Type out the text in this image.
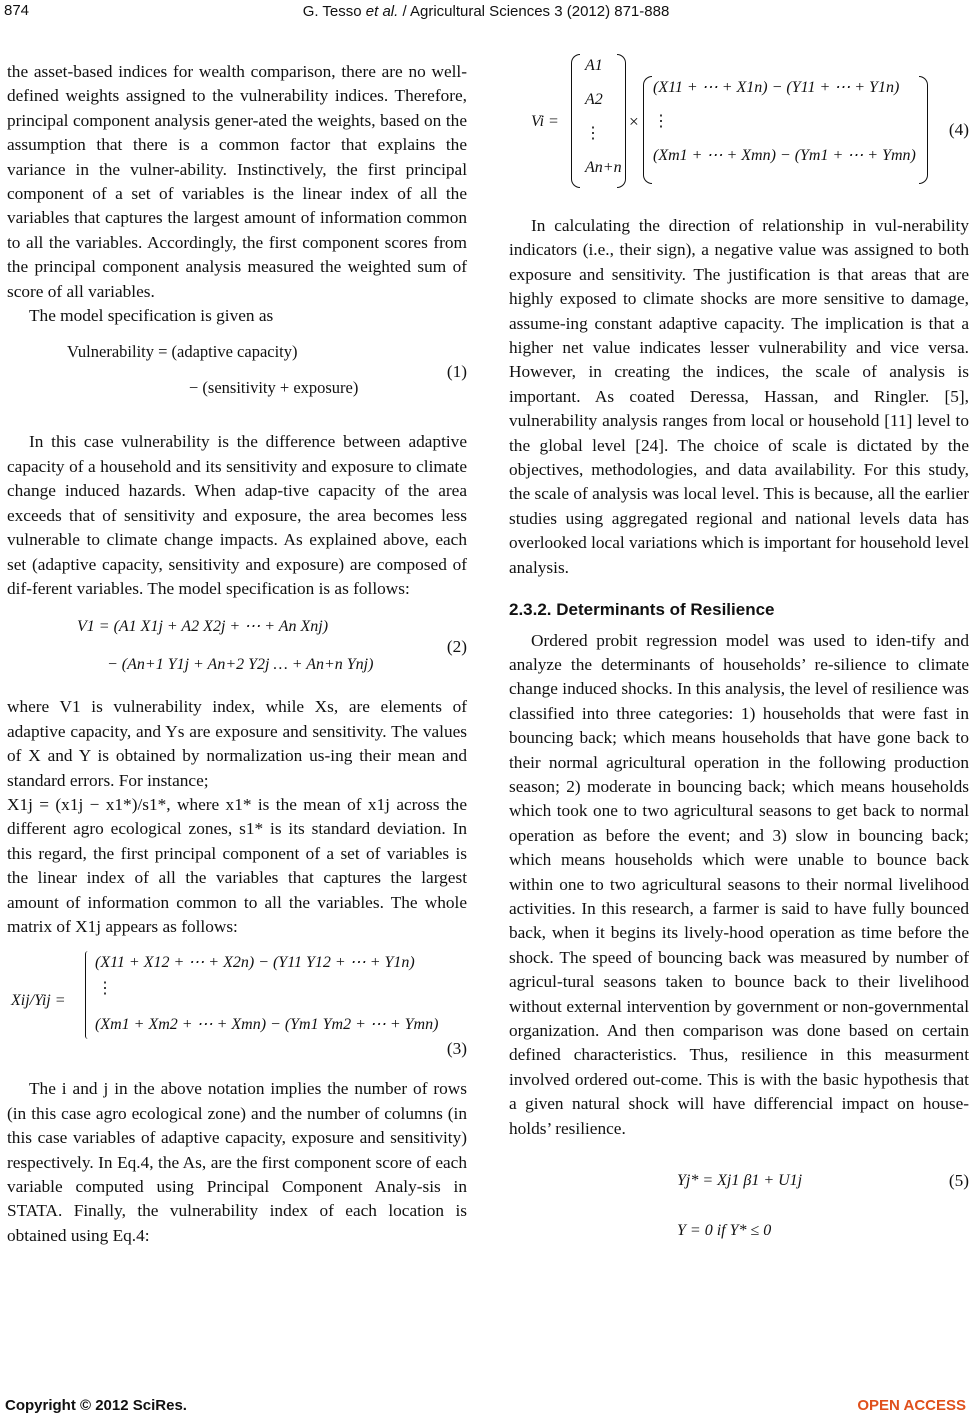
874	G. Tesso et al. / Agricultural Sciences 3 (2012) 871-888

the asset-based indices for wealth comparison, there are no well-defined weights assigned to the vulnerability indices. Therefore, principal component analysis gener-ated the weights, based on the assumption that there is a common factor that explains the variance in the vulner-ability. Instinctively, the first principal component of a set of variables is the linear index of all the variables that captures the largest amount of information common to all the variables. Accordingly, the first component scores from the principal component analysis measured the weighted sum of score of all variables.

The model specification is given as

Vulnerability = (adaptive capacity)
− (sensitivity + exposure)
(1)

In this case vulnerability is the difference between adaptive capacity of a household and its sensitivity and exposure to climate change induced hazards. When adap-tive capacity of the area exceeds that of sensitivity and exposure, the area becomes less vulnerable to climate change impacts. As explained above, each set (adaptive capacity, sensitivity and exposure) are composed of dif-ferent variables. The model specification is as follows:

V1 = (A1 X1j + A2 X2j + ⋯ + An Xnj)
− (An+1 Y1j + An+2 Y2j … + An+n Ynj)
(2)

where V1 is vulnerability index, while Xs, are elements of adaptive capacity, and Ys are exposure and sensitivity. The values of X and Y is obtained by normalization us-ing their mean and standard errors. For instance;

X1j = (x1j − x1*)/s1*, where x1* is the mean of x1j across the different agro ecological zones, s1* is its standard deviation. In this regard, the first principal component of a set of variables is the linear index of all the variables that captures the largest amount of information common to all the variables. The whole matrix of X1j appears as follows:

Xij/Yij =
(X11 + X12 + ⋯ + X2n) − (Y11 Y12 + ⋯ + Y1n)
⋮
(Xm1 + Xm2 + ⋯ + Xmn) − (Ym1 Ym2 + ⋯ + Ymn)
(3)

The i and j in the above notation implies the number of rows (in this case agro ecological zone) and the number of columns (in this case variables of adaptive capacity, exposure and sensitivity) respectively. In Eq.4, the As, are the first component score of each variable computed using Principal Component Analy-sis in STATA. Finally, the vulnerability index of each location is obtained using Eq.4:

Vi =
A1
A2
⋮
An+n
×
(X11 + ⋯ + X1n) − (Y11 + ⋯ + Y1n)
⋮
(Xm1 + ⋯ + Xmn) − (Ym1 + ⋯ + Ymn)
(4)

In calculating the direction of relationship in vul-nerability indicators (i.e., their sign), a negative value was assigned to both exposure and sensitivity. The justification is that areas that are highly exposed to climate shocks are more sensitive to damage, assume-ing constant adaptive capacity. The implication is that a higher net value indicates lesser vulnerability and vice versa. However, in creating the indices, the scale of analysis is important. As coated Deressa, Hassan, and Ringler. [5], vulnerability analysis ranges from local or household [11] level to the global level [24]. The choice of scale is dictated by the objectives, methodologies, and data availability. For this study, the scale of analysis was local level. This is because, all the earlier studies using aggregated regional and national levels data has overlooked local variations which is important for household level analysis.

2.3.2. Determinants of Resilience

Ordered probit regression model was used to iden-tify and analyze the determinants of households’ re-silience to climate change induced shocks. In this analysis, the level of resilience was classified into three categories: 1) households that were fast in bouncing back; which means households that have gone back to their normal agricultural operation in the following production season; 2) moderate in bouncing back; which means households which took one to two agricultural seasons to get back to normal operation as before the event; and 3) slow in bouncing back; which means households which were unable to bounce back within one to two agricultural seasons to their normal livelihood activities. In this research, a farmer is said to have fully bounced back, when it begins its lively-hood operation as time before the shock. The speed of bouncing back was measured by number of agricul-tural seasons taken to bounce back to their livelihood without external intervention by government or non-governmental organization. And then comparison was done based on certain defined characteristics. Thus, resilience in this measurment involved ordered out-come. This is with the basic hypothesis that a given natural shock will have differencial impact on house-holds’ resilience.

Yj* = Xj1 β1 + U1j	(5)
Y = 0 if Y* ≤ 0
Copyright © 2012 SciRes.	OPEN ACCESS
